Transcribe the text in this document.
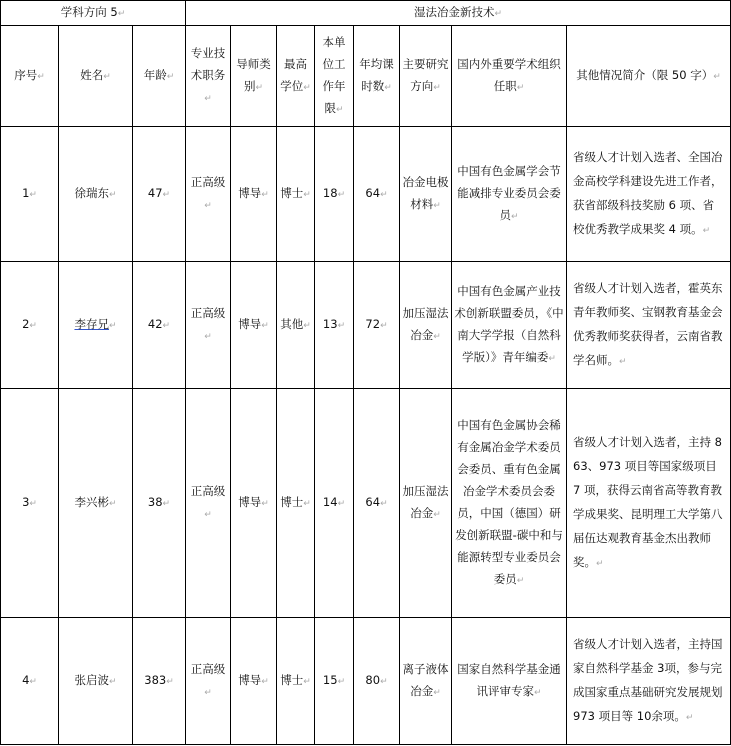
学科方向 5↵			湿法冶金新技术↵							
序号↵	姓名↵	年龄↵	专业技术职务↵	导师类别↵	最高学位↵	本单位工作年限↵	年均课时数↵	主要研究方向↵	国内外重要学术组织任职↵	其他情况简介（限 50 字）↵
1↵	徐瑞东↵	47↵	正高级↵	博导↵	博士↵	18↵	64↵	冶金电极材料↵	中国有色金属学会节能减排专业委员会委员↵	省级人才计划入选者、全国冶金高校学科建设先进工作者，获省部级科技奖励 6 项、省校优秀教学成果奖 4 项。↵
2↵	李存兄↵	42↵	正高级↵	博导↵	其他↵	13↵	72↵	加压湿法冶金↵	中国有色金属产业技术创新联盟委员，《中南大学学报（自然科学版）》青年编委↵	省级人才计划入选者，霍英东青年教师奖、宝钢教育基金会优秀教师奖获得者，云南省教学名师。↵
3↵	李兴彬↵	38↵	正高级↵	博导↵	博士↵	14↵	64↵	加压湿法冶金↵	中国有色金属协会稀有金属冶金学术委员会委员、重有色金属冶金学术委员会委员，中国（德国）研发创新联盟-碳中和与能源转型专业委员会委员↵	省级人才计划入选者，主持 863、973 项目等国家级项目 7 项，获得云南省高等教育教学成果奖、昆明理工大学第八届伍达观教育基金杰出教师奖。↵
4↵	张启波↵	383↵	正高级↵	博导↵	博士↵	15↵	80↵	离子液体冶金↵	国家自然科学基金通讯评审专家↵	省级人才计划入选者，主持国家自然科学基金 3项，参与完成国家重点基础研究发展规划 973 项目等 10余项。↵
